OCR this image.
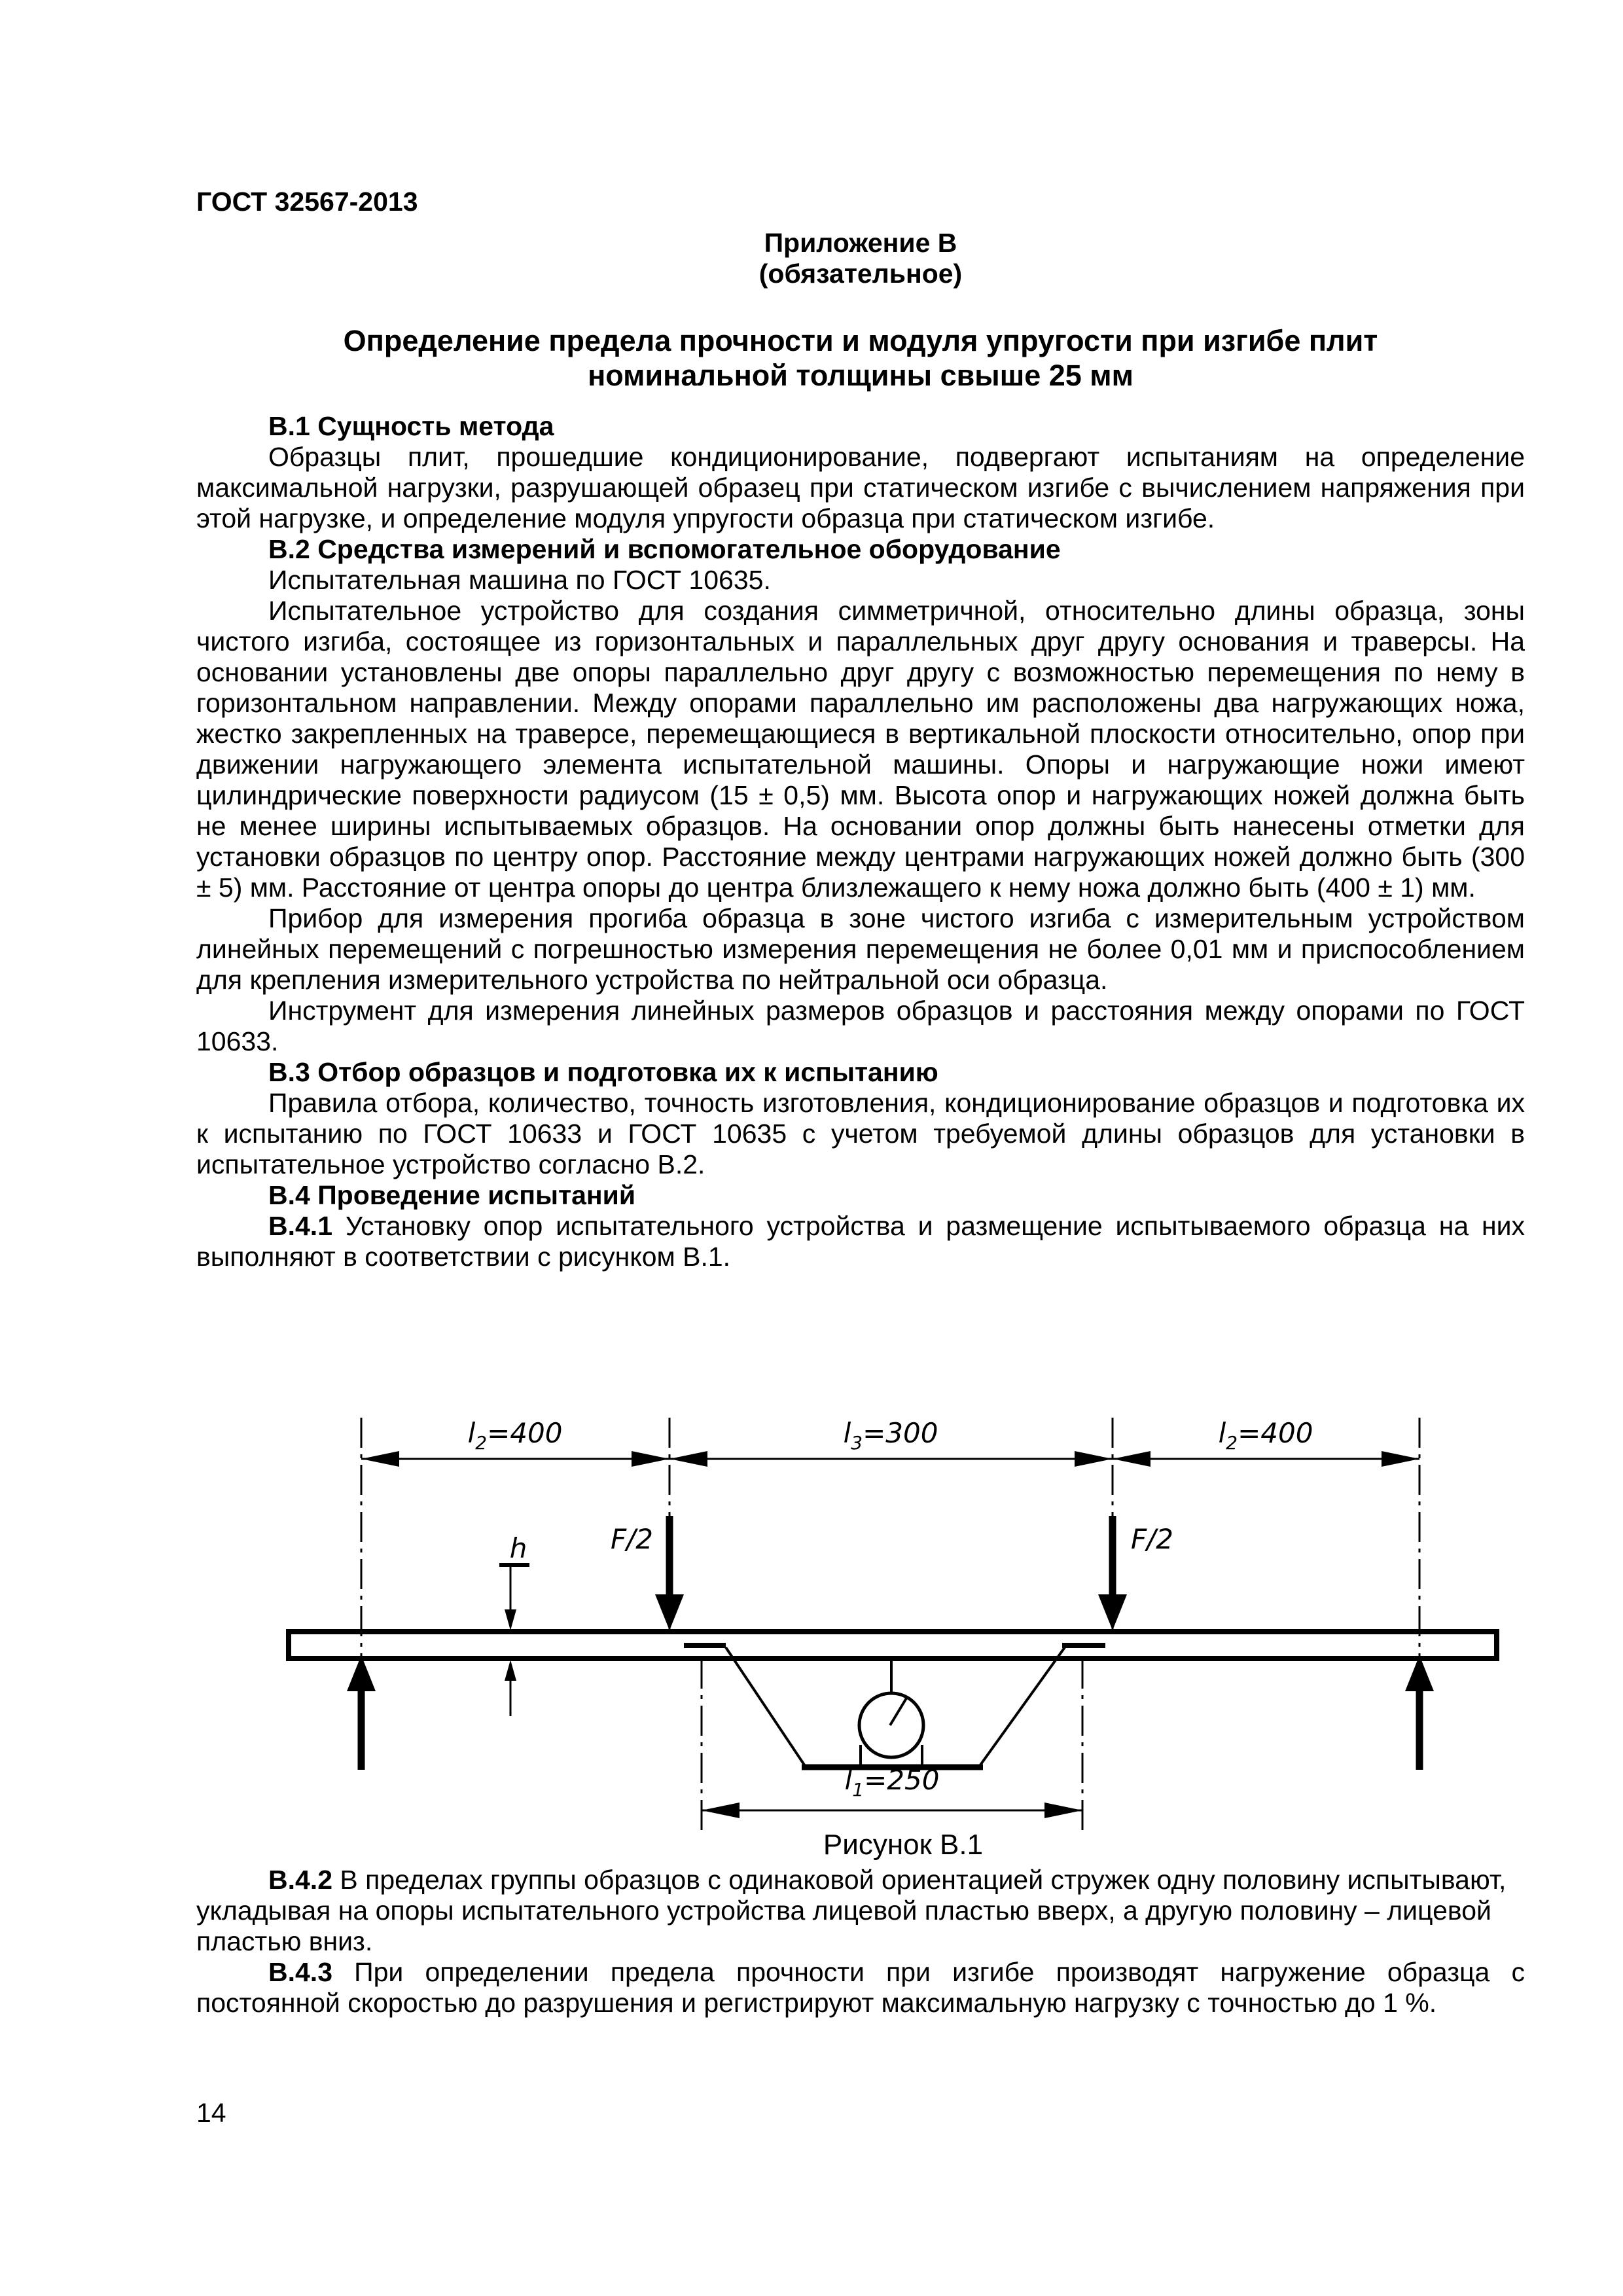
ГОСТ 32567-2013
Приложение В
(обязательное)
Определение предела прочности и модуля упругости при изгибе плит
номинальной толщины свыше 25 мм
В.1 Сущность метода

Образцы плит, прошедшие кондиционирование, подвергают испытаниям на определение максимальной нагрузки, разрушающей образец при статическом изгибе с вычислением напряжения при этой нагрузке, и определение модуля упругости образца при статическом изгибе.

В.2 Средства измерений и вспомогательное оборудование

Испытательная машина по ГОСТ 10635.

Испытательное устройство для создания симметричной, относительно длины образца, зоны чистого изгиба, состоящее из горизонтальных и параллельных друг другу основания и траверсы. На основании установлены две опоры параллельно друг другу с возможностью перемещения по нему в горизонтальном направлении. Между опорами параллельно им расположены два нагружающих ножа, жестко закрепленных на траверсе, перемещающиеся в вертикальной плоскости относительно, опор при движении нагружающего элемента испытательной машины. Опоры и нагружающие ножи имеют цилиндрические поверхности радиусом (15 ± 0,5) мм. Высота опор и нагружающих ножей должна быть не менее ширины испытываемых образцов. На основании опор должны быть нанесены отметки для установки образцов по центру опор. Расстояние между центрами нагружающих ножей должно быть (300 ± 5) мм. Расстояние от центра опоры до центра близлежащего к нему ножа должно быть (400 ± 1) мм.

Прибор для измерения прогиба образца в зоне чистого изгиба с измерительным устройством линейных перемещений с погрешностью измерения перемещения не более 0,01 мм и приспособлением для крепления измерительного устройства по нейтральной оси образца.

Инструмент для измерения линейных размеров образцов и расстояния между опорами по ГОСТ 10633.

В.3 Отбор образцов и подготовка их к испытанию

Правила отбора, количество, точность изготовления, кондиционирование образцов и подготовка их к испытанию по ГОСТ 10633 и ГОСТ 10635 с учетом требуемой длины образцов для установки в испытательное устройство согласно В.2.

В.4 Проведение испытаний

В.4.1 Установку опор испытательного устройства и размещение испытываемого образца на них выполняют в соответствии с рисунком В.1.

$l_2=400$	$l_3=300$	$l_2=400$
F/2	F/2
h
$l_1=250$
Рисунок В.1

В.4.2 В пределах группы образцов с одинаковой ориентацией стружек одну половину испытывают, укладывая на опоры испытательного устройства лицевой пластью вверх, а другую половину – лицевой пластью вниз.

В.4.3 При определении предела прочности при изгибе производят нагружение образца с постоянной скоростью до разрушения и регистрируют максимальную нагрузку с точностью до 1 %.

14
